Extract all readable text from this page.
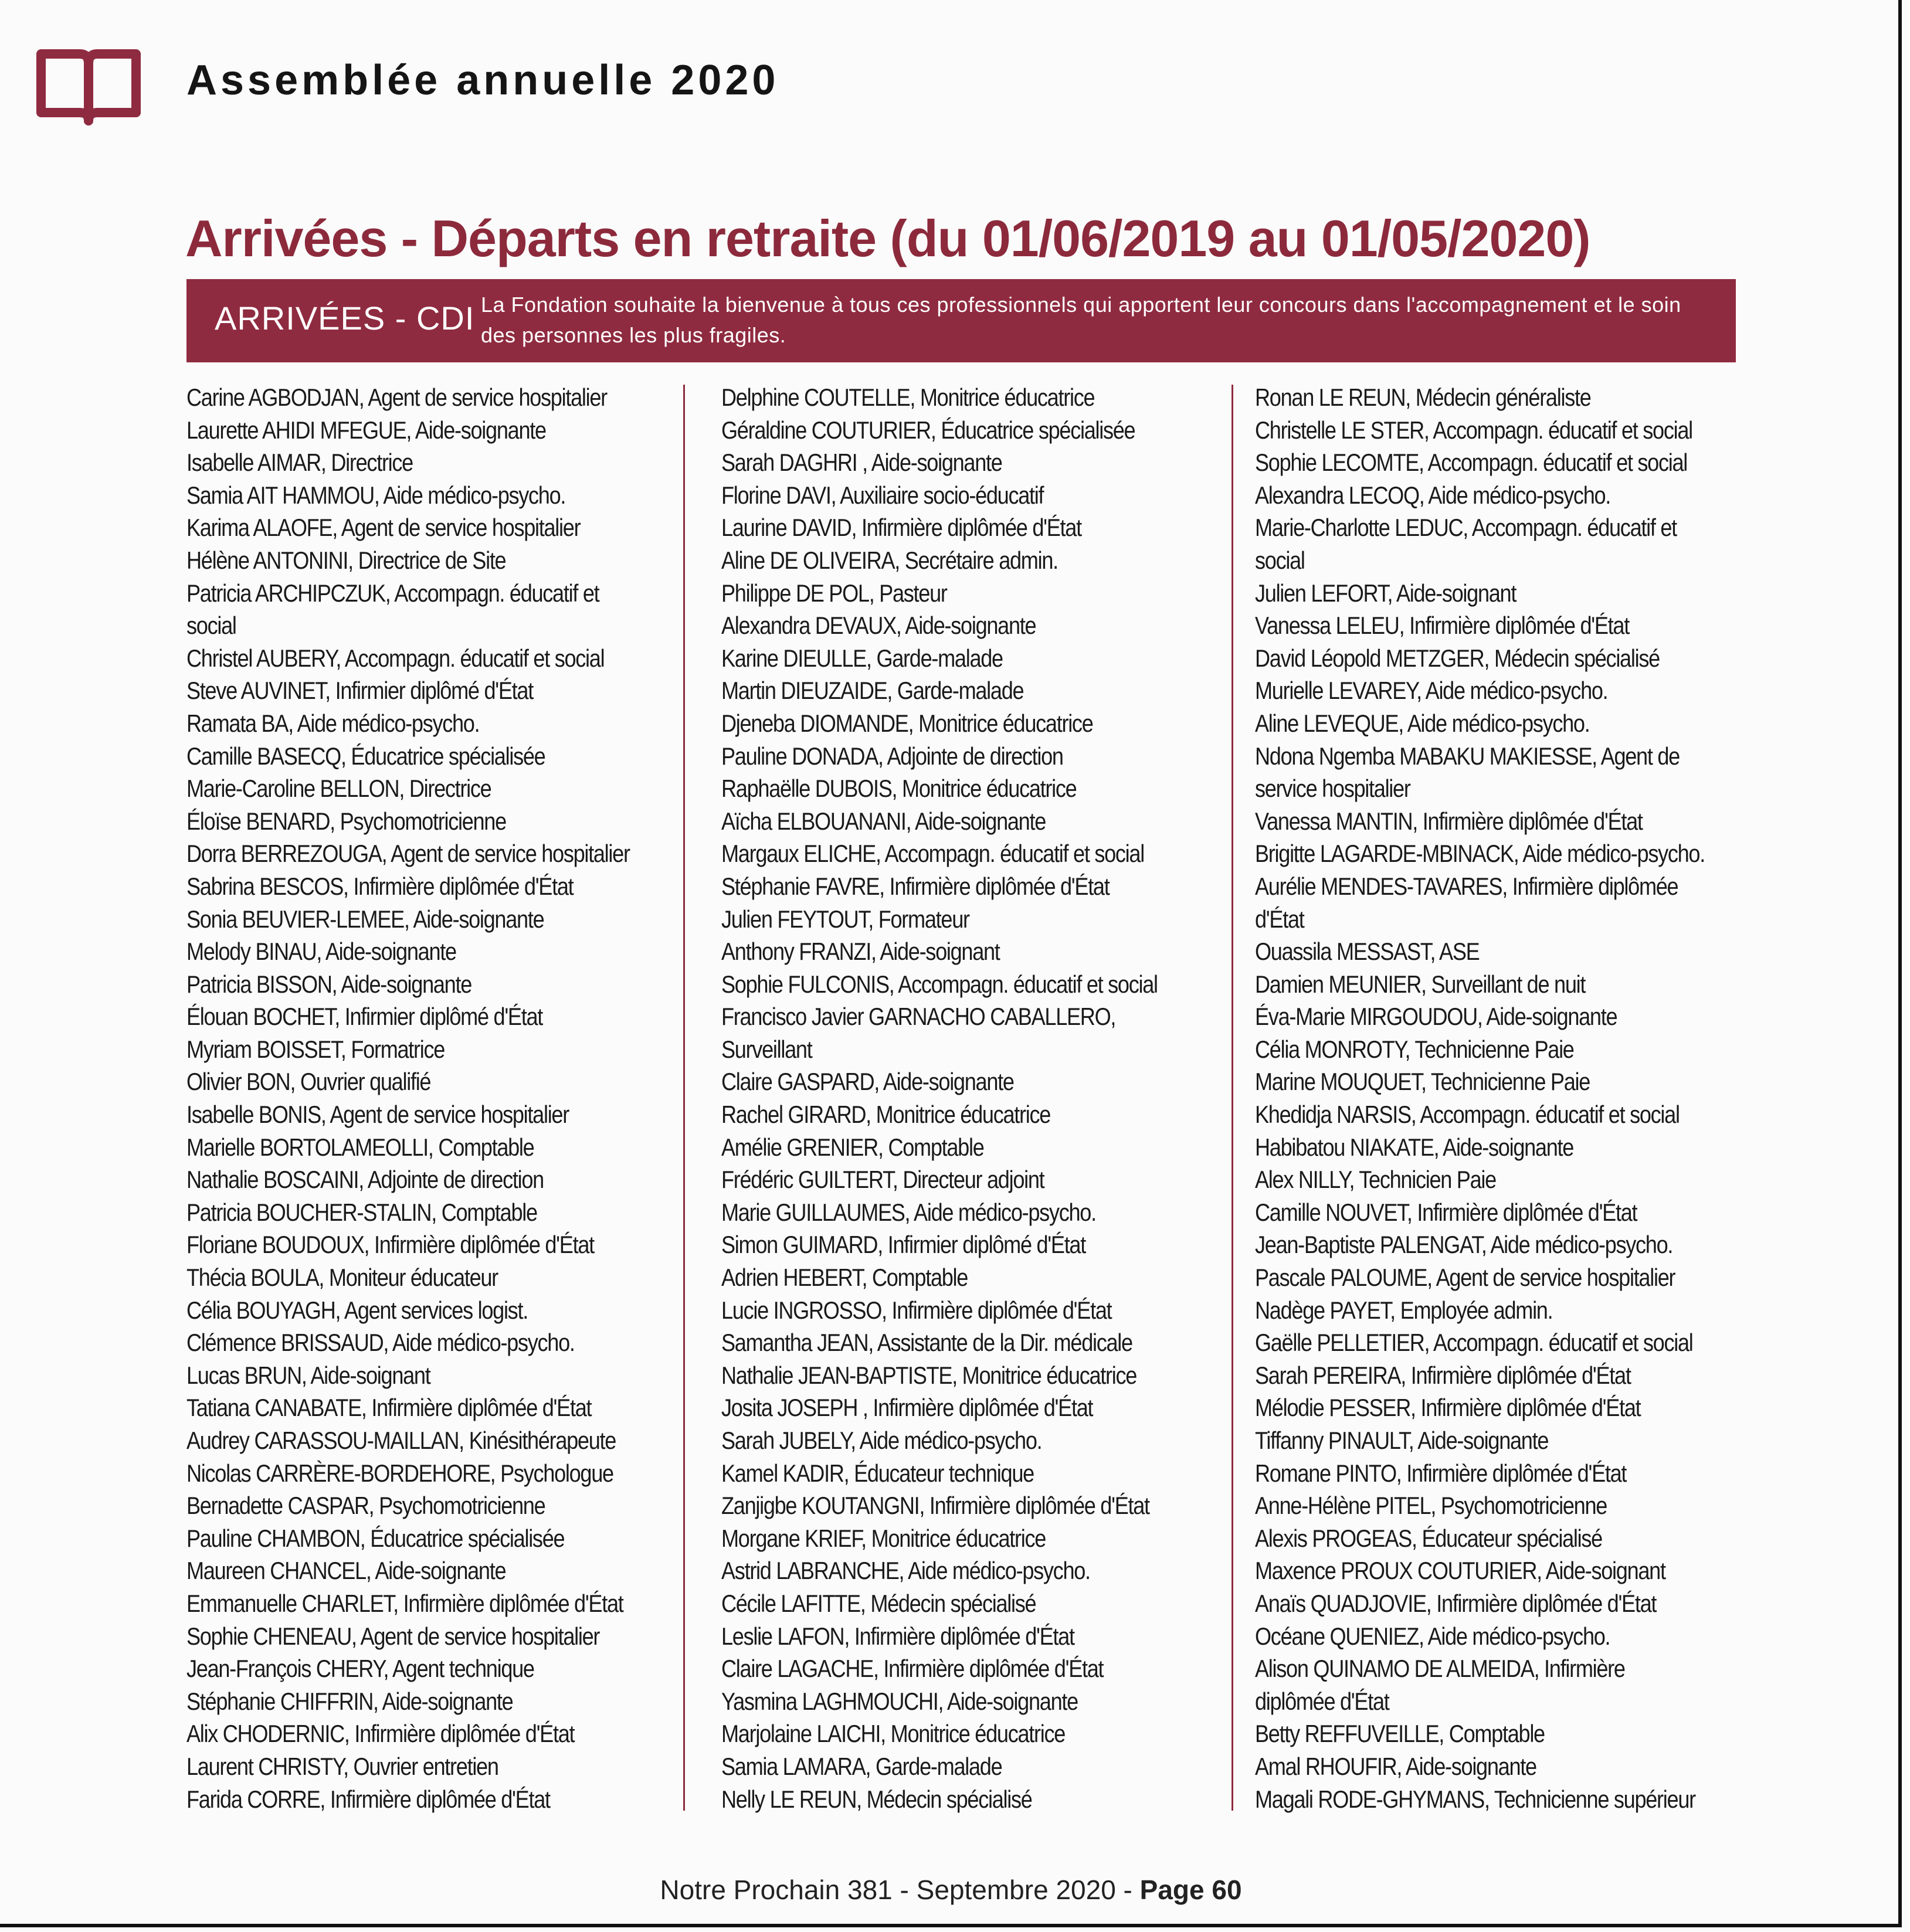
Assemblée annuelle 2020
Arrivées - Départs en retraite (du 01/06/2019 au 01/05/2020)
ARRIVÉES - CDI La Fondation souhaite la bienvenue à tous ces professionnels qui apportent leur concours dans l'accompagnement et le soin des personnes les plus fragiles.
Carine AGBODJAN, Agent de service hospitalier
Laurette AHIDI MFEGUE, Aide-soignante
Isabelle AIMAR, Directrice
Samia AIT HAMMOU, Aide médico-psycho.
Karima ALAOFE, Agent de service hospitalier
Hélène ANTONINI, Directrice de Site
Patricia ARCHIPCZUK, Accompagn. éducatif et
social
Christel AUBERY, Accompagn. éducatif et social
Steve AUVINET, Infirmier diplômé d'État
Ramata BA, Aide médico-psycho.
Camille BASECQ, Éducatrice spécialisée
Marie-Caroline BELLON, Directrice
Éloïse BENARD, Psychomotricienne
Dorra BERREZOUGA, Agent de service hospitalier
Sabrina BESCOS, Infirmière diplômée d'État
Sonia BEUVIER-LEMEE, Aide-soignante
Melody BINAU, Aide-soignante
Patricia BISSON, Aide-soignante
Élouan BOCHET, Infirmier diplômé d'État
Myriam BOISSET, Formatrice
Olivier BON, Ouvrier qualifié
Isabelle BONIS, Agent de service hospitalier
Marielle BORTOLAMEOLLI, Comptable
Nathalie BOSCAINI, Adjointe de direction
Patricia BOUCHER-STALIN, Comptable
Floriane BOUDOUX, Infirmière diplômée d'État
Thécia BOULA, Moniteur éducateur
Célia BOUYAGH, Agent services logist.
Clémence BRISSAUD, Aide médico-psycho.
Lucas BRUN, Aide-soignant
Tatiana CANABATE, Infirmière diplômée d'État
Audrey CARASSOU-MAILLAN, Kinésithérapeute
Nicolas CARRÈRE-BORDEHORE, Psychologue
Bernadette CASPAR, Psychomotricienne
Pauline CHAMBON, Éducatrice spécialisée
Maureen CHANCEL, Aide-soignante
Emmanuelle CHARLET, Infirmière diplômée d'État
Sophie CHENEAU, Agent de service hospitalier
Jean-François CHERY, Agent technique
Stéphanie CHIFFRIN, Aide-soignante
Alix CHODERNIC, Infirmière diplômée d'État
Laurent CHRISTY, Ouvrier entretien
Farida CORRE, Infirmière diplômée d'État
Delphine COUTELLE, Monitrice éducatrice
Géraldine COUTURIER, Éducatrice spécialisée
Sarah DAGHRI , Aide-soignante
Florine DAVI, Auxiliaire socio-éducatif
Laurine DAVID, Infirmière diplômée d'État
Aline DE OLIVEIRA, Secrétaire admin.
Philippe DE POL, Pasteur
Alexandra DEVAUX, Aide-soignante
Karine DIEULLE, Garde-malade
Martin DIEUZAIDE, Garde-malade
Djeneba DIOMANDE, Monitrice éducatrice
Pauline DONADA, Adjointe de direction
Raphaëlle DUBOIS, Monitrice éducatrice
Aïcha ELBOUANANI, Aide-soignante
Margaux ELICHE, Accompagn. éducatif et social
Stéphanie FAVRE, Infirmière diplômée d'État
Julien FEYTOUT, Formateur
Anthony FRANZI, Aide-soignant
Sophie FULCONIS, Accompagn. éducatif et social
Francisco Javier GARNACHO CABALLERO,
Surveillant
Claire GASPARD, Aide-soignante
Rachel GIRARD, Monitrice éducatrice
Amélie GRENIER, Comptable
Frédéric GUILTERT, Directeur adjoint
Marie GUILLAUMES, Aide médico-psycho.
Simon GUIMARD, Infirmier diplômé d'État
Adrien HEBERT, Comptable
Lucie INGROSSO, Infirmière diplômée d'État
Samantha JEAN, Assistante de la Dir. médicale
Nathalie JEAN-BAPTISTE, Monitrice éducatrice
Josita JOSEPH , Infirmière diplômée d'État
Sarah JUBELY, Aide médico-psycho.
Kamel KADIR, Éducateur technique
Zanjigbe KOUTANGNI, Infirmière diplômée d'État
Morgane KRIEF, Monitrice éducatrice
Astrid LABRANCHE, Aide médico-psycho.
Cécile LAFITTE, Médecin spécialisé
Leslie LAFON, Infirmière diplômée d'État
Claire LAGACHE, Infirmière diplômée d'État
Yasmina LAGHMOUCHI, Aide-soignante
Marjolaine LAICHI, Monitrice éducatrice
Samia LAMARA, Garde-malade
Nelly LE REUN, Médecin spécialisé
Ronan LE REUN, Médecin généraliste
Christelle LE STER, Accompagn. éducatif et social
Sophie LECOMTE, Accompagn. éducatif et social
Alexandra LECOQ, Aide médico-psycho.
Marie-Charlotte LEDUC, Accompagn. éducatif et
social
Julien LEFORT, Aide-soignant
Vanessa LELEU, Infirmière diplômée d'État
David Léopold METZGER, Médecin spécialisé
Murielle LEVAREY, Aide médico-psycho.
Aline LEVEQUE, Aide médico-psycho.
Ndona Ngemba MABAKU MAKIESSE, Agent de
service hospitalier
Vanessa MANTIN, Infirmière diplômée d'État
Brigitte LAGARDE-MBINACK, Aide médico-psycho.
Aurélie MENDES-TAVARES, Infirmière diplômée
d'État
Ouassila MESSAST, ASE
Damien MEUNIER, Surveillant de nuit
Éva-Marie MIRGOUDOU, Aide-soignante
Célia MONROTY, Technicienne Paie
Marine MOUQUET, Technicienne Paie
Khedidja NARSIS, Accompagn. éducatif et social
Habibatou NIAKATE, Aide-soignante
Alex NILLY, Technicien Paie
Camille NOUVET, Infirmière diplômée d'État
Jean-Baptiste PALENGAT, Aide médico-psycho.
Pascale PALOUME, Agent de service hospitalier
Nadège PAYET, Employée admin.
Gaëlle PELLETIER, Accompagn. éducatif et social
Sarah PEREIRA, Infirmière diplômée d'État
Mélodie PESSER, Infirmière diplômée d'État
Tiffanny PINAULT, Aide-soignante
Romane PINTO, Infirmière diplômée d'État
Anne-Hélène PITEL, Psychomotricienne
Alexis PROGEAS, Éducateur spécialisé
Maxence PROUX COUTURIER, Aide-soignant
Anaïs QUADJOVIE, Infirmière diplômée d'État
Océane QUENIEZ, Aide médico-psycho.
Alison QUINAMO DE ALMEIDA, Infirmière
diplômée d'État
Betty REFFUVEILLE, Comptable
Amal RHOUFIR, Aide-soignante
Magali RODE-GHYMANS, Technicienne supérieur
Notre Prochain 381 - Septembre 2020 - Page 60
